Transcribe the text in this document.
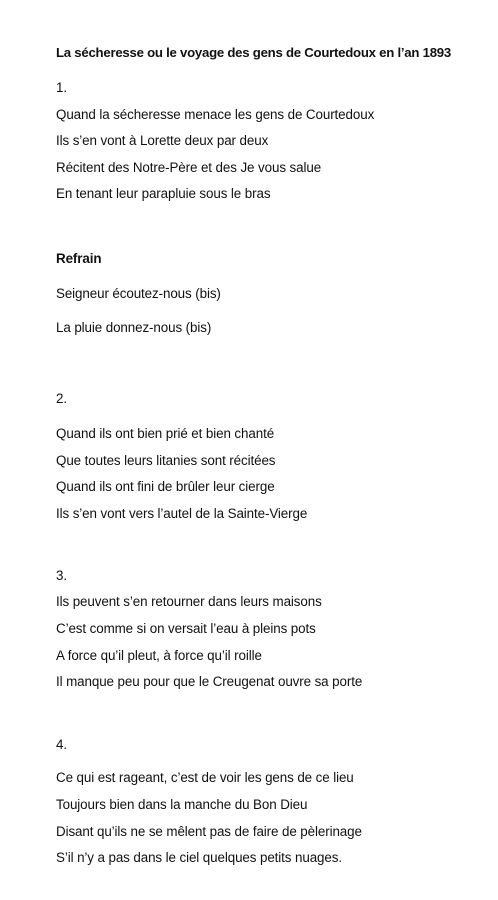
La sécheresse ou le voyage des gens de Courtedoux en l’an 1893
1.
Quand la sécheresse menace les gens de Courtedoux
Ils s’en vont à Lorette deux par deux
Récitent des Notre-Père et des Je vous salue
En tenant leur parapluie sous le bras
Refrain
Seigneur écoutez-nous (bis)
La pluie donnez-nous (bis)
2.
Quand ils ont bien prié et bien chanté
Que toutes leurs litanies sont récitées
Quand ils ont fini de brûler leur cierge
Ils s’en vont vers l’autel de la Sainte-Vierge
3.
Ils peuvent s’en retourner dans leurs maisons
C’est comme si on versait l’eau à pleins pots
A force qu’il pleut, à force qu’il roille
Il manque peu pour que le Creugenat ouvre sa porte
4.
Ce qui est rageant, c’est de voir les gens de ce lieu
Toujours bien dans la manche du Bon Dieu
Disant qu’ils ne se mêlent pas de faire de pèlerinage
S’il n’y a pas dans le ciel quelques petits nuages.
